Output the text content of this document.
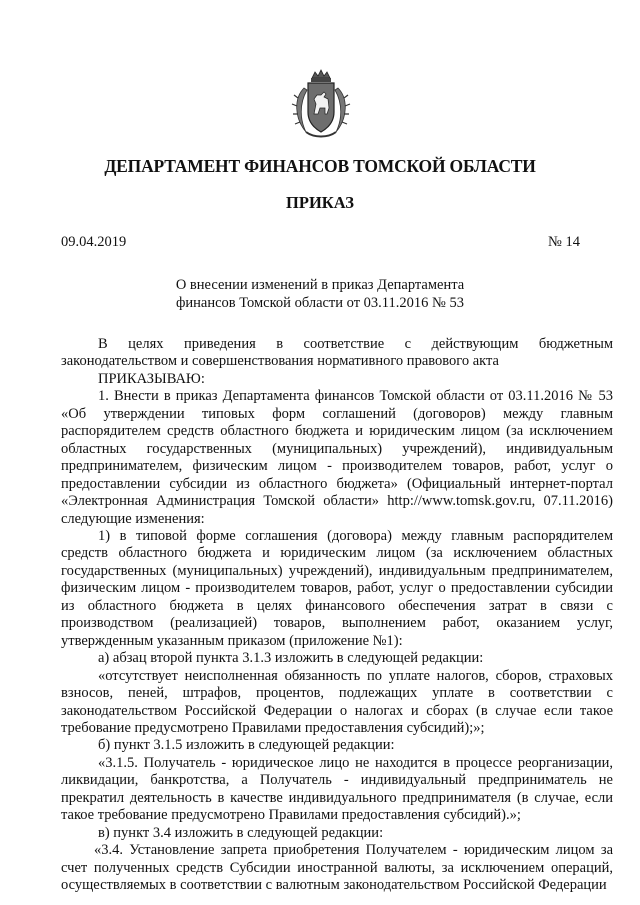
ДЕПАРТАМЕНТ ФИНАНСОВ ТОМСКОЙ ОБЛАСТИ
ПРИКАЗ
09.04.2019	№ 14
О внесении изменений в приказ Департамента
финансов Томской области от 03.11.2016 № 53

В целях приведения в соответствие с действующим бюджетным законодательством и совершенствования нормативного правового акта

ПРИКАЗЫВАЮ:

1. Внести в приказ Департамента финансов Томской области от 03.11.2016 № 53 «Об утверждении типовых форм соглашений (договоров) между главным распорядителем средств областного бюджета и юридическим лицом (за исключением областных государственных (муниципальных) учреждений), индивидуальным предпринимателем, физическим лицом - производителем товаров, работ, услуг о предоставлении субсидии из областного бюджета» (Официальный интернет-портал «Электронная Администрация Томской области» http://www.tomsk.gov.ru, 07.11.2016) следующие изменения:

1) в типовой форме соглашения (договора) между главным распорядителем средств областного бюджета и юридическим лицом (за исключением областных государственных (муниципальных) учреждений), индивидуальным предпринимателем, физическим лицом - производителем товаров, работ, услуг о предоставлении субсидии из областного бюджета в целях финансового обеспечения затрат в связи с производством (реализацией) товаров, выполнением работ, оказанием услуг, утвержденным указанным приказом (приложение №1):

а) абзац второй пункта 3.1.3 изложить в следующей редакции:

«отсутствует неисполненная обязанность по уплате налогов, сборов, страховых взносов, пеней, штрафов, процентов, подлежащих уплате в соответствии с законодательством Российской Федерации о налогах и сборах (в случае если такое требование предусмотрено Правилами предоставления субсидий);»;

б) пункт 3.1.5 изложить в следующей редакции:

«3.1.5. Получатель - юридическое лицо не находится в процессе реорганизации, ликвидации, банкротства, а Получатель - индивидуальный предприниматель не прекратил деятельность в качестве индивидуального предпринимателя (в случае, если такое требование предусмотрено Правилами предоставления субсидий).»;

в) пункт 3.4 изложить в следующей редакции:

«3.4. Установление запрета приобретения Получателем - юридическим лицом за счет полученных средств Субсидии иностранной валюты, за исключением операций, осуществляемых в соответствии с валютным законодательством Российской Федерации
